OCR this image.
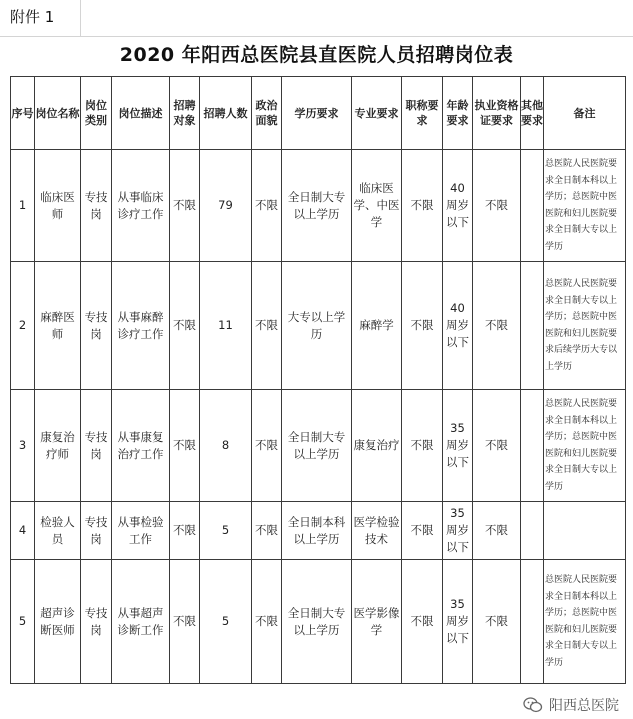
附件 1
2020 年阳西总医院县直医院人员招聘岗位表
序号	岗位名称	岗位类别	岗位描述	招聘对象	招聘人数	政治面貌	学历要求	专业要求	职称要求	年龄要求	执业资格证要求	其他要求	备注
1	临床医师	专技岗	从事临床诊疗工作	不限	79	不限	全日制大专以上学历	临床医学、中医学	不限	40 周岁以下	不限		总医院人民医院要求全日制本科以上学历；总医院中医医院和妇儿医院要求全日制大专以上学历
2	麻醉医师	专技岗	从事麻醉诊疗工作	不限	11	不限	大专以上学历	麻醉学	不限	40 周岁以下	不限		总医院人民医院要求全日制大专以上学历；总医院中医医院和妇儿医院要求后续学历大专以上学历
3	康复治疗师	专技岗	从事康复治疗工作	不限	8	不限	全日制大专以上学历	康复治疗	不限	35 周岁以下	不限		总医院人民医院要求全日制本科以上学历；总医院中医医院和妇儿医院要求全日制大专以上学历
4	检验人员	专技岗	从事检验工作	不限	5	不限	全日制本科以上学历	医学检验技术	不限	35 周岁以下	不限		
5	超声诊断医师	专技岗	从事超声诊断工作	不限	5	不限	全日制大专以上学历	医学影像学	不限	35 周岁以下	不限		总医院人民医院要求全日制本科以上学历；总医院中医医院和妇儿医院要求全日制大专以上学历
阳西总医院
